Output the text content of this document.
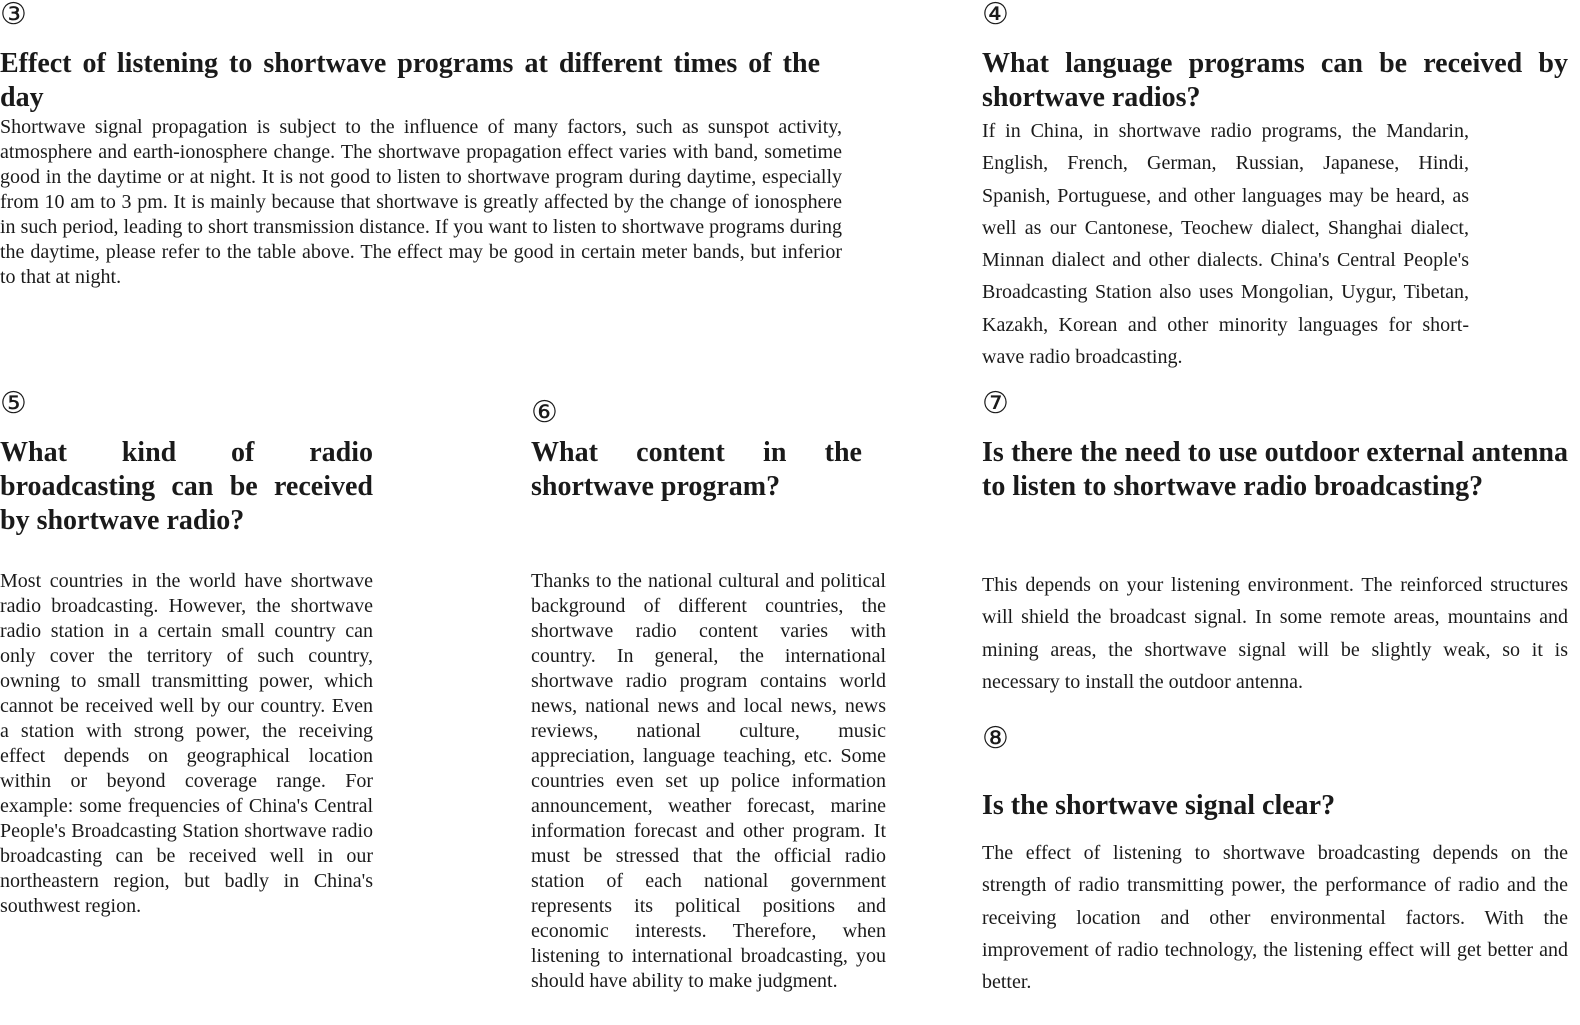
③
Effect of listening to shortwave programs at different times of the day

Shortwave signal propagation is subject to the influence of many factors, such as sunspot activity, atmosphere and earth-ionosphere change. The shortwave propagation effect varies with band, sometime good in the daytime or at night. It is not good to listen to shortwave program during daytime, especially from 10 am to 3 pm. It is mainly because that shortwave is greatly affected by the change of ionosphere in such period, leading to short transmission distance. If you want to listen to shortwave programs during the daytime, please refer to the table above. The effect may be good in certain meter bands, but inferior to that at night.

④
What language programs can be received by shortwave radios?

If in China, in shortwave radio programs, the Mandarin, English, French, German, Russian, Japanese, Hindi, Spanish, Portuguese, and other languages may be heard, as well as our Cantonese, Teochew dialect, Shanghai dialect, Minnan dialect and other dialects. China's Central People's Broadcasting Station also uses Mongolian, Uygur, Tibetan, Kazakh, Korean and other minority languages for short-wave radio broadcasting.

⑤
What kind of radio broadcasting can be received by shortwave radio?

Most countries in the world have shortwave radio broadcasting. However, the shortwave radio station in a certain small country can only cover the territory of such country, owning to small transmitting power, which cannot be received well by our country. Even a station with strong power, the receiving effect depends on geographical location within or beyond coverage range. For example: some frequencies of China's Central People's Broadcasting Station shortwave radio broadcasting can be received well in our northeastern region, but badly in China's southwest region.

⑥
What content in the shortwave program?

Thanks to the national cultural and political background of different countries, the shortwave radio content varies with country. In general, the international shortwave radio program contains world news, national news and local news, news reviews, national culture, music appreciation, language teaching, etc. Some countries even set up police information announcement, weather forecast, marine information forecast and other program. It must be stressed that the official radio station of each national government represents its political positions and economic interests. Therefore, when listening to international broadcasting, you should have ability to make judgment.

⑦
Is there the need to use outdoor external antenna to listen to shortwave radio broadcasting?

This depends on your listening environment. The reinforced structures will shield the broadcast signal. In some remote areas, mountains and mining areas, the shortwave signal will be slightly weak, so it is necessary to install the outdoor antenna.

⑧
Is the shortwave signal clear?

The effect of listening to shortwave broadcasting depends on the strength of radio transmitting power, the performance of radio and the receiving location and other environmental factors. With the improvement of radio technology, the listening effect will get better and better.
